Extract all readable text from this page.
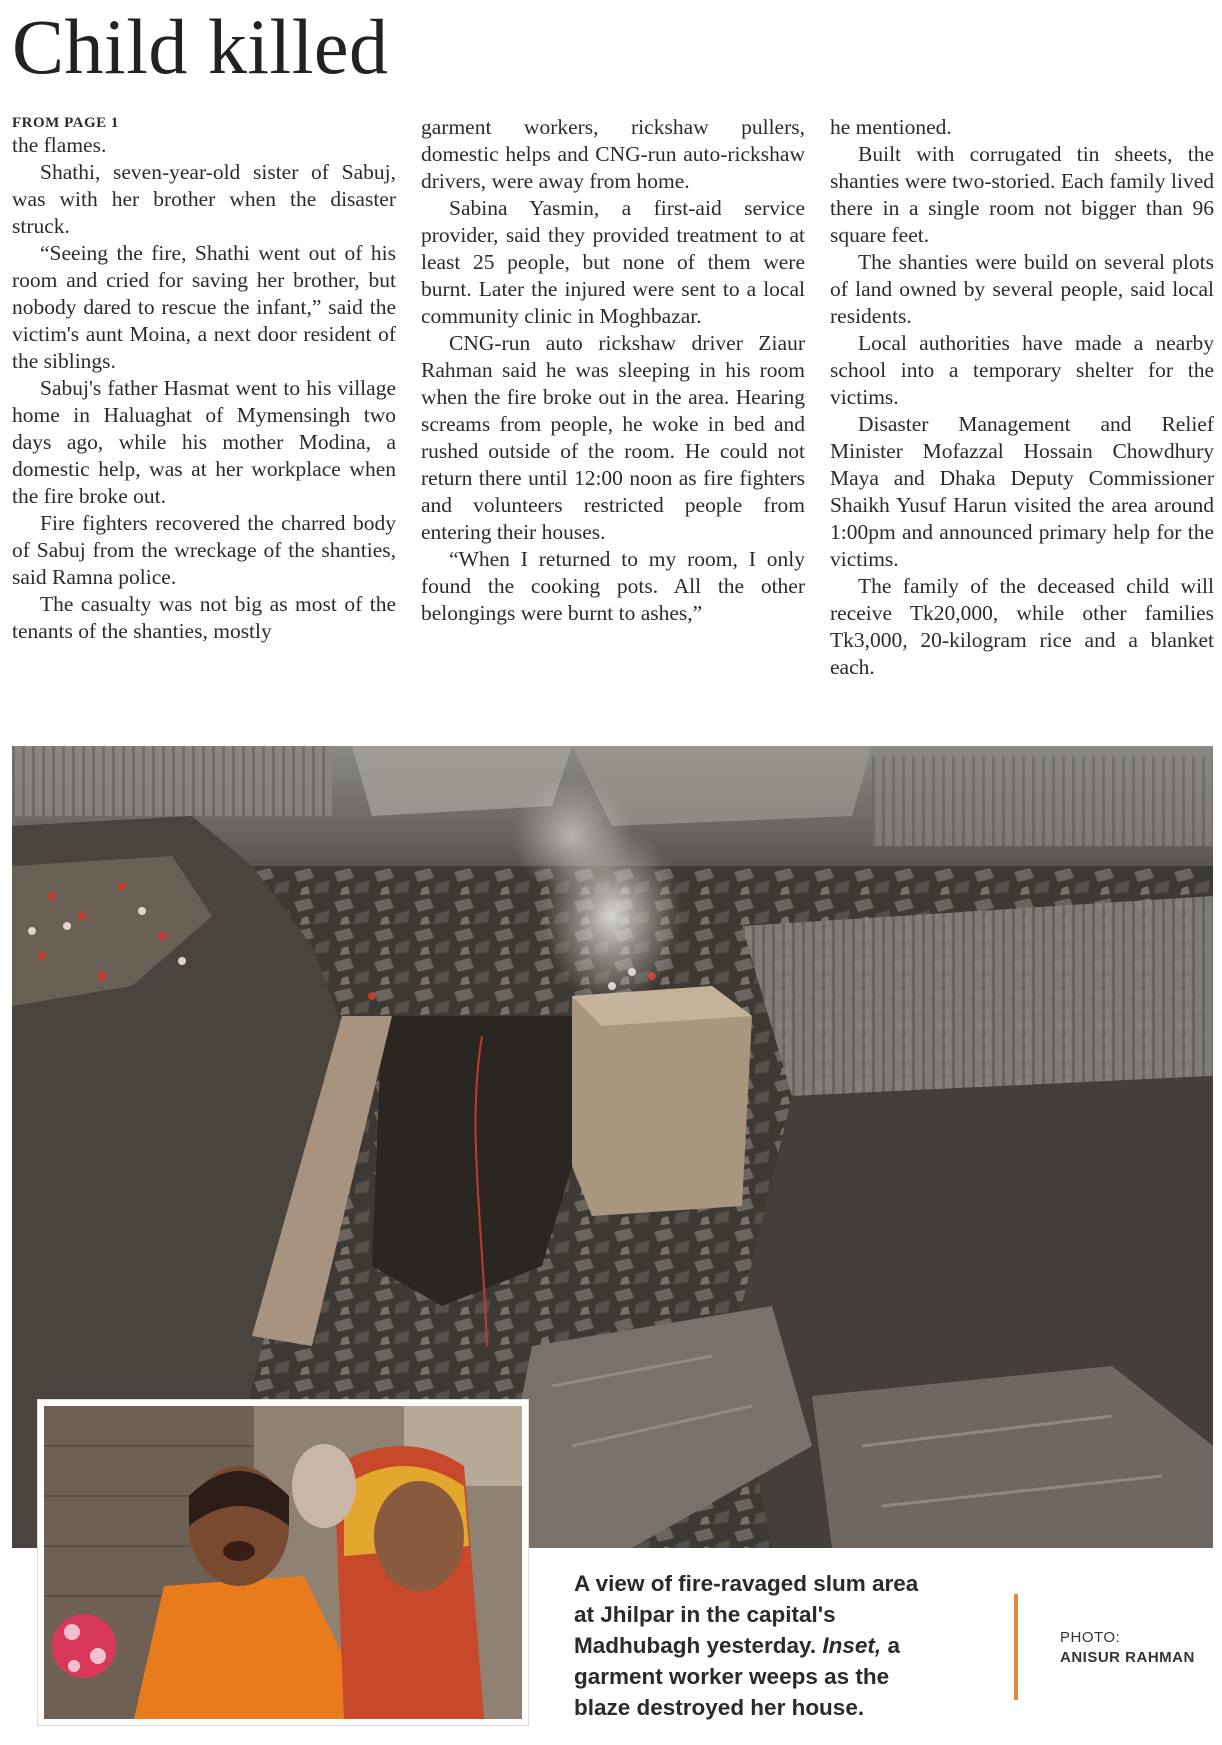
Child killed

FROM PAGE 1

the flames.

Shathi, seven-year-old sister of Sabuj, was with her brother when the disaster struck.

“Seeing the fire, Shathi went out of his room and cried for saving her brother, but nobody dared to rescue the infant,” said the victim's aunt Moina, a next door resident of the siblings.

Sabuj's father Hasmat went to his village home in Haluaghat of Mymensingh two days ago, while his mother Modina, a domestic help, was at her workplace when the fire broke out.

Fire fighters recovered the charred body of Sabuj from the wreckage of the shanties, said Ramna police.

The casualty was not big as most of the tenants of the shanties, mostly

garment workers, rickshaw pullers, domestic helps and CNG-run auto-rickshaw drivers, were away from home.

Sabina Yasmin, a first-aid service provider, said they provided treatment to at least 25 people, but none of them were burnt. Later the injured were sent to a local community clinic in Moghbazar.

CNG-run auto rickshaw driver Ziaur Rahman said he was sleeping in his room when the fire broke out in the area. Hearing screams from people, he woke in bed and rushed outside of the room. He could not return there until 12:00 noon as fire fighters and volunteers restricted people from entering their houses.

“When I returned to my room, I only found the cooking pots. All the other belongings were burnt to ashes,”

he mentioned.

Built with corrugated tin sheets, the shanties were two-storied. Each family lived there in a single room not bigger than 96 square feet.

The shanties were build on several plots of land owned by several people, said local residents.

Local authorities have made a nearby school into a temporary shelter for the victims.

Disaster Management and Relief Minister Mofazzal Hossain Chowdhury Maya and Dhaka Deputy Commissioner Shaikh Yusuf Harun visited the area around 1:00pm and announced primary help for the victims.

The family of the deceased child will receive Tk20,000, while other families Tk3,000, 20-kilogram rice and a blanket each.

A view of fire-ravaged slum area at Jhilpar in the capital's Madhubagh yesterday. Inset, a garment worker weeps as the blaze destroyed her house.
PHOTO:
ANISUR RAHMAN
